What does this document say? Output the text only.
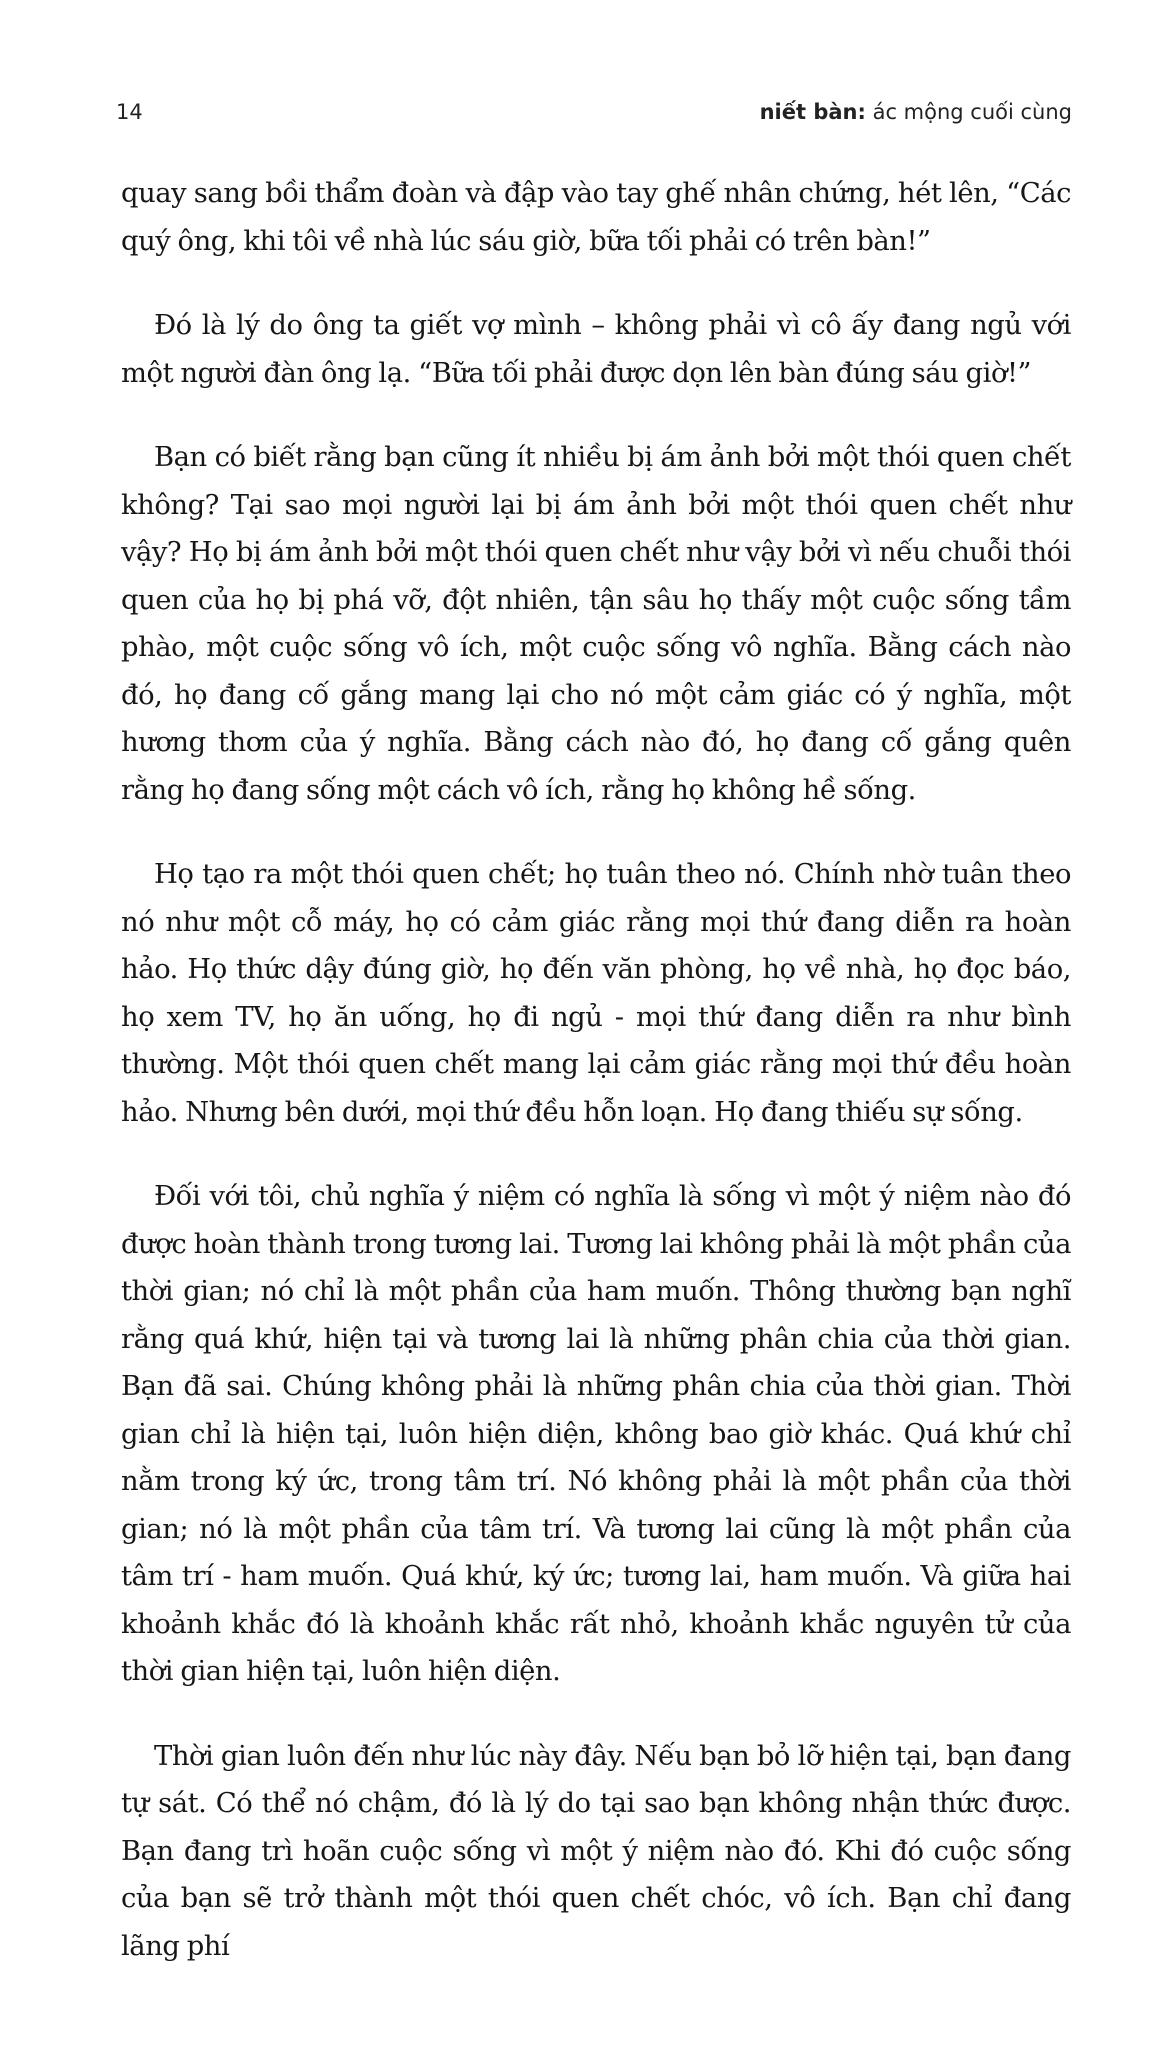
14	niết bàn: ác mộng cuối cùng

quay sang bồi thẩm đoàn và đập vào tay ghế nhân chứng, hét lên, “Các quý ông, khi tôi về nhà lúc sáu giờ, bữa tối phải có trên bàn!”

Đó là lý do ông ta giết vợ mình – không phải vì cô ấy đang ngủ với một người đàn ông lạ. “Bữa tối phải được dọn lên bàn đúng sáu giờ!”

Bạn có biết rằng bạn cũng ít nhiều bị ám ảnh bởi một thói quen chết không? Tại sao mọi người lại bị ám ảnh bởi một thói quen chết như vậy? Họ bị ám ảnh bởi một thói quen chết như vậy bởi vì nếu chuỗi thói quen của họ bị phá vỡ, đột nhiên, tận sâu họ thấy một cuộc sống tầm phào, một cuộc sống vô ích, một cuộc sống vô nghĩa. Bằng cách nào đó, họ đang cố gắng mang lại cho nó một cảm giác có ý nghĩa, một hương thơm của ý nghĩa. Bằng cách nào đó, họ đang cố gắng quên rằng họ đang sống một cách vô ích, rằng họ không hề sống.

Họ tạo ra một thói quen chết; họ tuân theo nó. Chính nhờ tuân theo nó như một cỗ máy, họ có cảm giác rằng mọi thứ đang diễn ra hoàn hảo. Họ thức dậy đúng giờ, họ đến văn phòng, họ về nhà, họ đọc báo, họ xem TV, họ ăn uống, họ đi ngủ - mọi thứ đang diễn ra như bình thường. Một thói quen chết mang lại cảm giác rằng mọi thứ đều hoàn hảo. Nhưng bên dưới, mọi thứ đều hỗn loạn. Họ đang thiếu sự sống.

Đối với tôi, chủ nghĩa ý niệm có nghĩa là sống vì một ý niệm nào đó được hoàn thành trong tương lai. Tương lai không phải là một phần của thời gian; nó chỉ là một phần của ham muốn. Thông thường bạn nghĩ rằng quá khứ, hiện tại và tương lai là những phân chia của thời gian. Bạn đã sai. Chúng không phải là những phân chia của thời gian. Thời gian chỉ là hiện tại, luôn hiện diện, không bao giờ khác. Quá khứ chỉ nằm trong ký ức, trong tâm trí. Nó không phải là một phần của thời gian; nó là một phần của tâm trí. Và tương lai cũng là một phần của tâm trí - ham muốn. Quá khứ, ký ức; tương lai, ham muốn. Và giữa hai khoảnh khắc đó là khoảnh khắc rất nhỏ, khoảnh khắc nguyên tử của thời gian hiện tại, luôn hiện diện.

Thời gian luôn đến như lúc này đây. Nếu bạn bỏ lỡ hiện tại, bạn đang tự sát. Có thể nó chậm, đó là lý do tại sao bạn không nhận thức được. Bạn đang trì hoãn cuộc sống vì một ý niệm nào đó. Khi đó cuộc sống của bạn sẽ trở thành một thói quen chết chóc, vô ích. Bạn chỉ đang lãng phí
